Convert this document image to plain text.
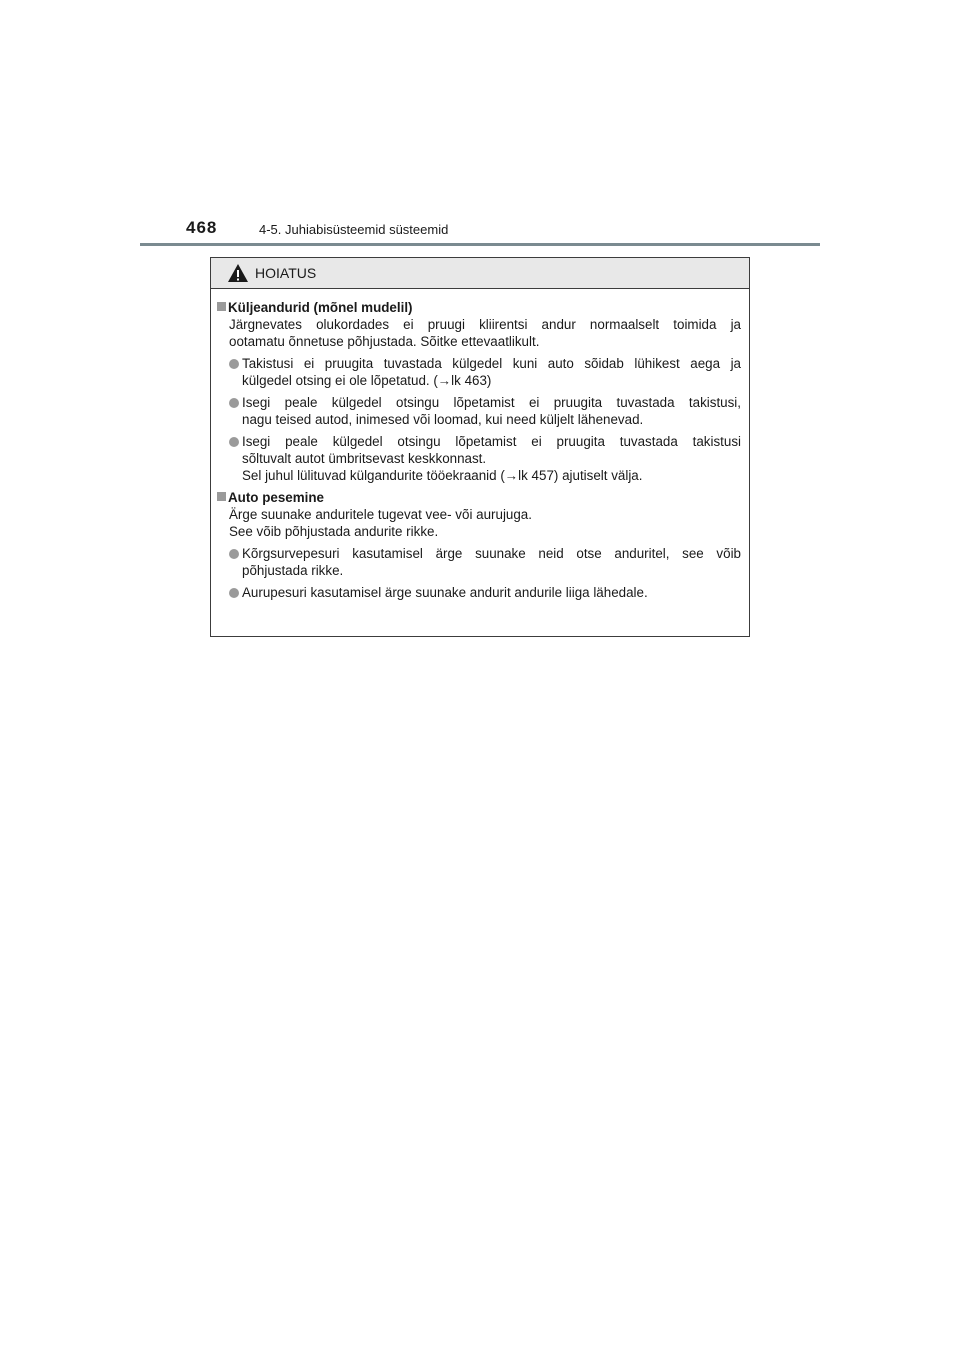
468	4-5. Juhiabisüsteemid süsteemid
HOIATUS
Küljeandurid (mõnel mudelil)
Järgnevates olukordades ei pruugi kliirentsi andur normaalselt toimida ja
ootamatu õnnetuse põhjustada. Sõitke ettevaatlikult.
Takistusi ei pruugita tuvastada külgedel kuni auto sõidab lühikest aega ja
külgedel otsing ei ole lõpetatud. (→lk 463)
Isegi peale külgedel otsingu lõpetamist ei pruugita tuvastada takistusi,
nagu teised autod, inimesed või loomad, kui need küljelt lähenevad.
Isegi peale külgedel otsingu lõpetamist ei pruugita tuvastada takistusi
sõltuvalt autot ümbritsevast keskkonnast.
Sel juhul lülituvad külgandurite tööekraanid (→lk 457) ajutiselt välja.
Auto pesemine
Ärge suunake anduritele tugevat vee- või aurujuga.
See võib põhjustada andurite rikke.
Kõrgsurvepesuri kasutamisel ärge suunake neid otse anduritel, see võib
põhjustada rikke.
Aurupesuri kasutamisel ärge suunake andurit andurile liiga lähedale.
